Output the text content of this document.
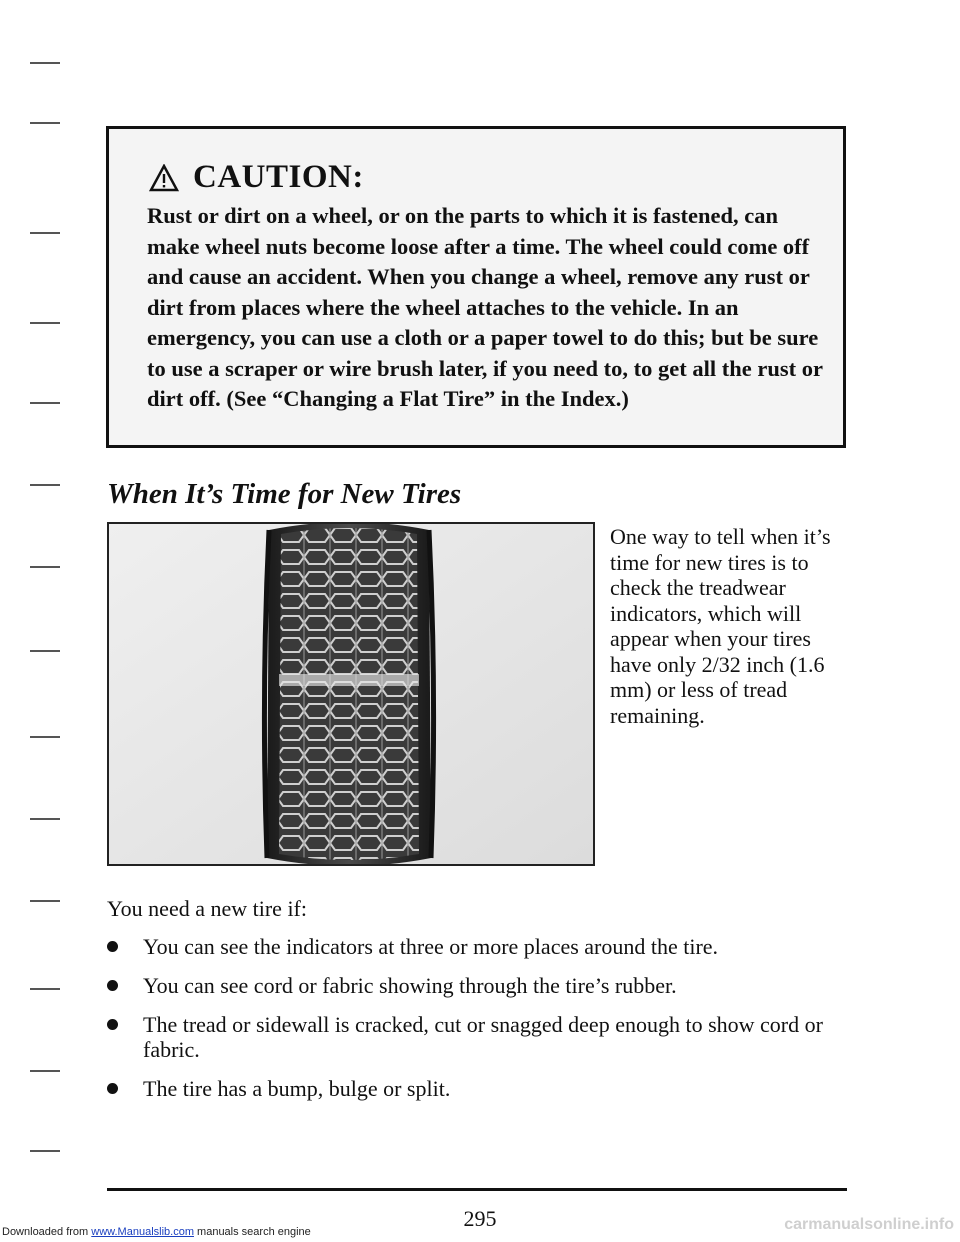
CAUTION:
Rust or dirt on a wheel, or on the parts to which it is fastened, can make wheel nuts become loose after a time. The wheel could come off and cause an accident. When you change a wheel, remove any rust or dirt from places where the wheel attaches to the vehicle. In an emergency, you can use a cloth or a paper towel to do this; but be sure to use a scraper or wire brush later, if you need to, to get all the rust or dirt off. (See “Changing a Flat Tire” in the Index.)
When It’s Time for New Tires
One way to tell when it’s time for new tires is to check the treadwear indicators, which will appear when your tires have only 2/32 inch (1.6 mm) or less of tread remaining.
You need a new tire if:
You can see the indicators at three or more places around the tire.
You can see cord or fabric showing through the tire’s rubber.
The tread or sidewall is cracked, cut or snagged deep enough to show cord or fabric.
The tire has a bump, bulge or split.
295
Downloaded from www.Manualslib.com manuals search engine	carmanualsonline.info
